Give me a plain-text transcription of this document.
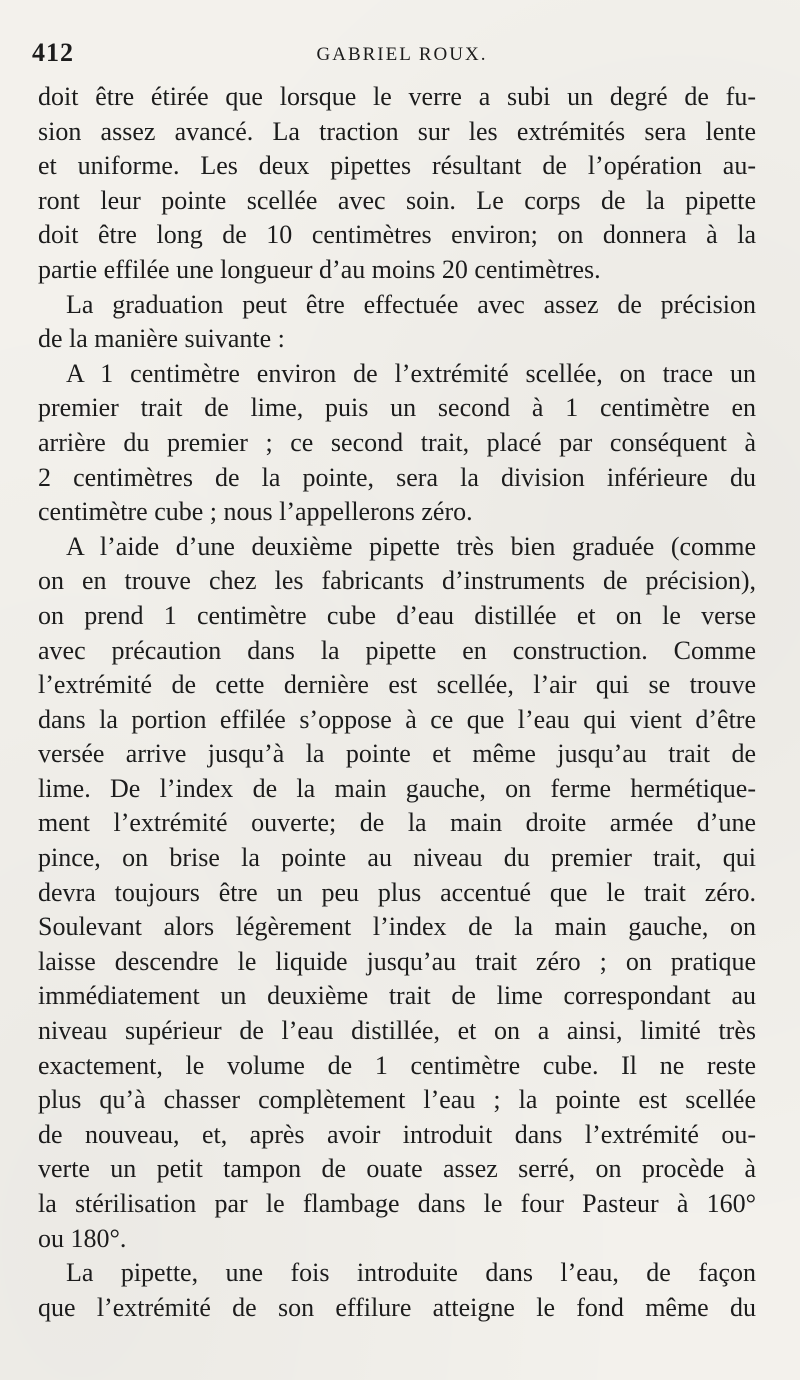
412	GABRIEL ROUX.
doit être étirée que lorsque le verre a subi un degré de fu-
sion assez avancé. La traction sur les extrémités sera lente
et uniforme. Les deux pipettes résultant de l’opération au-
ront leur pointe scellée avec soin. Le corps de la pipette
doit être long de 10 centimètres environ; on donnera à la
partie effilée une longueur d’au moins 20 centimètres.
La graduation peut être effectuée avec assez de précision
de la manière suivante :
A 1 centimètre environ de l’extrémité scellée, on trace un
premier trait de lime, puis un second à 1 centimètre en
arrière du premier ; ce second trait, placé par conséquent à
2 centimètres de la pointe, sera la division inférieure du
centimètre cube ; nous l’appellerons zéro.
A l’aide d’une deuxième pipette très bien graduée (comme
on en trouve chez les fabricants d’instruments de précision),
on prend 1 centimètre cube d’eau distillée et on le verse
avec précaution dans la pipette en construction. Comme
l’extrémité de cette dernière est scellée, l’air qui se trouve
dans la portion effilée s’oppose à ce que l’eau qui vient d’être
versée arrive jusqu’à la pointe et même jusqu’au trait de
lime. De l’index de la main gauche, on ferme hermétique-
ment l’extrémité ouverte; de la main droite armée d’une
pince, on brise la pointe au niveau du premier trait, qui
devra toujours être un peu plus accentué que le trait zéro.
Soulevant alors légèrement l’index de la main gauche, on
laisse descendre le liquide jusqu’au trait zéro ; on pratique
immédiatement un deuxième trait de lime correspondant au
niveau supérieur de l’eau distillée, et on a ainsi, limité très
exactement, le volume de 1 centimètre cube. Il ne reste
plus qu’à chasser complètement l’eau ; la pointe est scellée
de nouveau, et, après avoir introduit dans l’extrémité ou-
verte un petit tampon de ouate assez serré, on procède à
la stérilisation par le flambage dans le four Pasteur à 160°
ou 180°.
La pipette, une fois introduite dans l’eau, de façon
que l’extrémité de son effilure atteigne le fond même du
